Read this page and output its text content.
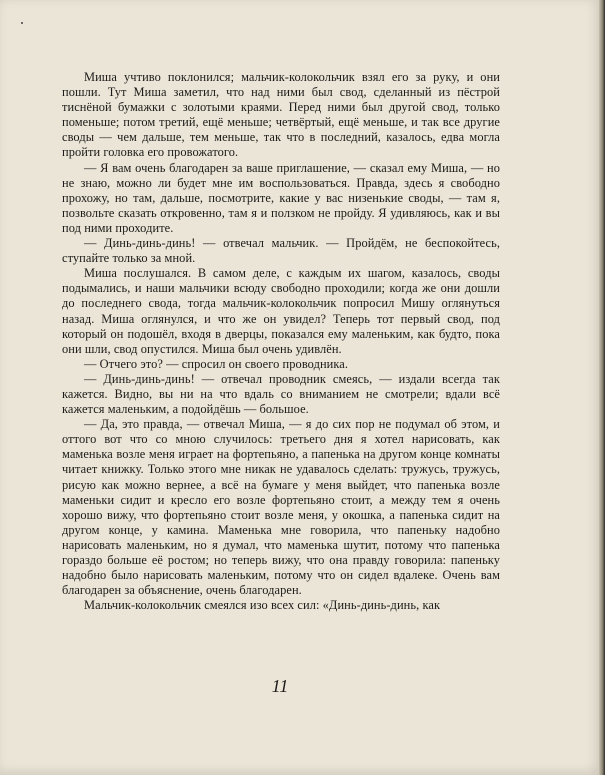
Миша учтиво поклонился; мальчик-колокольчик взял его за руку, и они пошли. Тут Миша заметил, что над ними был свод, сделанный из пёстрой тиснёной бумажки с золотыми краями. Перед ними был другой свод, только поменьше; потом третий, ещё меньше; четвёртый, ещё меньше, и так все другие своды — чем дальше, тем меньше, так что в последний, казалось, едва могла пройти головка его провожатого.

— Я вам очень благодарен за ваше приглашение, — сказал ему Миша, — но не знаю, можно ли будет мне им воспользоваться. Правда, здесь я свободно прохожу, но там, дальше, посмотрите, какие у вас низенькие своды, — там я, позвольте сказать откровенно, там я и ползком не пройду. Я удивляюсь, как и вы под ними проходите.

— Динь-динь-динь! — отвечал мальчик. — Пройдём, не беспокойтесь, ступайте только за мной.

Миша послушался. В самом деле, с каждым их шагом, казалось, своды подымались, и наши мальчики всюду свободно проходили; когда же они дошли до последнего свода, тогда мальчик-колокольчик попросил Мишу оглянуться назад. Миша оглянулся, и что же он увидел? Теперь тот первый свод, под который он подошёл, входя в дверцы, показался ему маленьким, как будто, пока они шли, свод опустился. Миша был очень удивлён.

— Отчего это? — спросил он своего проводника.

— Динь-динь-динь! — отвечал проводник смеясь, — издали всегда так кажется. Видно, вы ни на что вдаль со вниманием не смотрели; вдали всё кажется маленьким, а подойдёшь — большое.

— Да, это правда, — отвечал Миша, — я до сих пор не подумал об этом, и оттого вот что со мною случилось: третьего дня я хотел нарисовать, как маменька возле меня играет на фортепьяно, а папенька на другом конце комнаты читает книжку. Только этого мне никак не удавалось сделать: тружусь, тружусь, рисую как можно вернее, а всё на бумаге у меня выйдет, что папенька возле маменьки сидит и кресло его возле фортепьяно стоит, а между тем я очень хорошо вижу, что фортепьяно стоит возле меня, у окошка, а папенька сидит на другом конце, у камина. Маменька мне говорила, что папеньку надобно нарисовать маленьким, но я думал, что маменька шутит, потому что папенька гораздо больше её ростом; но теперь вижу, что она правду говорила: папеньку надобно было нарисовать маленьким, потому что он сидел вдалеке. Очень вам благодарен за объяснение, очень благодарен.

Мальчик-колокольчик смеялся изо всех сил: «Динь-динь-динь, как

11
